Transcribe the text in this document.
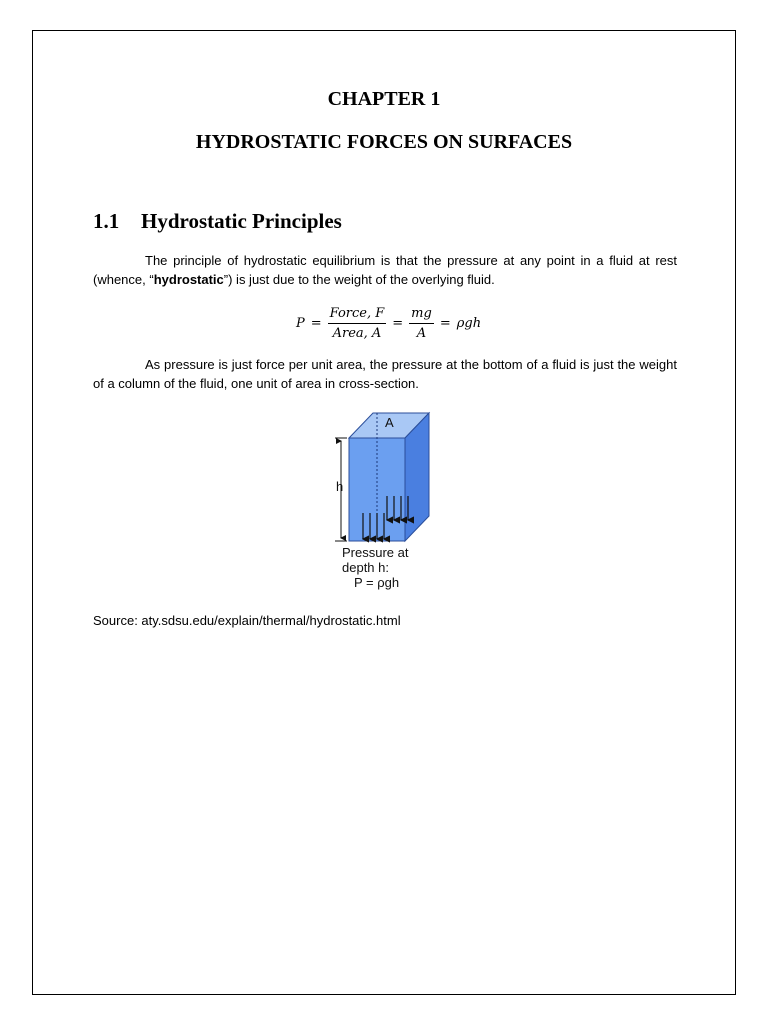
CHAPTER 1
HYDROSTATIC FORCES ON SURFACES
1.1 Hydrostatic Principles

The principle of hydrostatic equilibrium is that the pressure at any point in a fluid at rest (whence, “hydrostatic”) is just due to the weight of the overlying fluid.

$P = \frac{\text{Force, F}}{\text{Area, A}} = \frac{mg}{A} = \rho gh$

As pressure is just force per unit area, the pressure at the bottom of a fluid is just the weight of a column of the fluid, one unit of area in cross-section.

A
h
Pressure at
depth h:
P = ρgh
Source: aty.sdsu.edu/explain/thermal/hydrostatic.html
